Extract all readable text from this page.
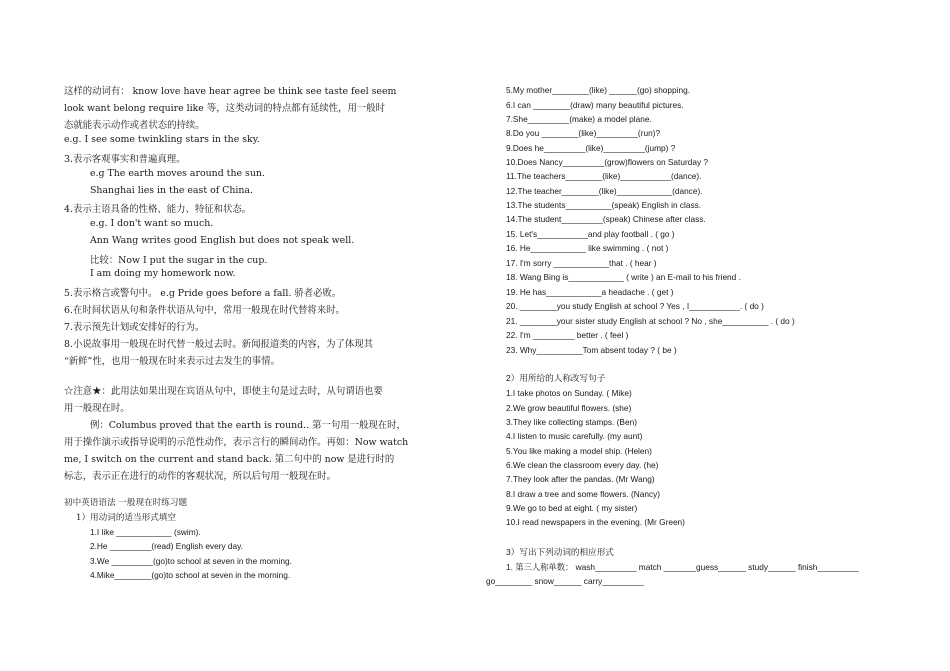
这样的动词有： know love have hear agree be think see taste feel seem
look want belong require like 等，这类动词的特点都有延续性，用一般时
态就能表示动作或者状态的持续。
e.g. I see some twinkling stars in the sky.
3.表示客观事实和普遍真理。
e.g The earth moves around the sun.
Shanghai lies in the east of China.
4.表示主语具备的性格、能力、特征和状态。
e.g. I don't want so much.
Ann Wang writes good English but does not speak well.
比较：Now I put the sugar in the cup.
I am doing my homework now.
5.表示格言或警句中。 e.g Pride goes before a fall. 骄者必败。
6.在时间状语从句和条件状语从句中，常用一般现在时代替将来时。
7.表示预先计划或安排好的行为。
8.小说故事用一般现在时代替一般过去时。新闻报道类的内容，为了体现其
“新鲜”性，也用一般现在时来表示过去发生的事情。
☆注意★：此用法如果出现在宾语从句中，即使主句是过去时，从句谓语也要
用一般现在时。
例：Columbus proved that the earth is round.. 第一句用一般现在时，
用于操作演示或指导说明的示范性动作，表示言行的瞬间动作。再如：Now watch
me, I switch on the current and stand back. 第二句中的 now 是进行时的
标志，表示正在进行的动作的客观状况，所以后句用一般现在时。
初中英语语法 一般现在时练习题
1）用动词的适当形式填空
1.I like ____________ (swim).
2.He _________(read) English every day.
3.We _________(go)to school at seven in the morning.
4.Mike________(go)to school at seven in the morning.
5.My mother________(like) ______(go) shopping.
6.I can ________(draw) many beautiful pictures.
7.She_________(make) a model plane.
8.Do you ________(like)_________(run)?
9.Does he_________(like)_________(jump) ?
10.Does Nancy_________(grow)flowers on Saturday ?
11.The teachers________(like)___________(dance).
12.The teacher________(like)____________(dance).
13.The students__________(speak) English in class.
14.The student_________(speak) Chinese after class.
15. Let's___________and play football . ( go )
16. He____________ like swimming . ( not )
17. I'm sorry ____________that . ( hear )
18. Wang Bing is____________ ( write ) an E-mail to his friend .
19. He has____________a headache . ( get )
20. ________you study English at school ? Yes , I___________. ( do )
21. ________your sister study English at school ? No , she__________ . ( do )
22. I'm _________ better . ( feel )
23. Why__________Tom absent today ? ( be )
2）用所给的人称改写句子
1.I take photos on Sunday. ( Mike)
2.We grow beautiful flowers. (she)
3.They like collecting stamps. (Ben)
4.I listen to music carefully. (my aunt)
5.You like making a model ship. (Helen)
6.We clean the classroom every day. (he)
7.They look after the pandas. (Mr Wang)
8.I draw a tree and some flowers. (Nancy)
9.We go to bed at eight. ( my sister)
10.I read newspapers in the evening. (Mr Green)
3）写出下列动词的相应形式
1. 第三人称单数： wash_________ match _______guess______ study______ finish_________
go________ snow______ carry_________
